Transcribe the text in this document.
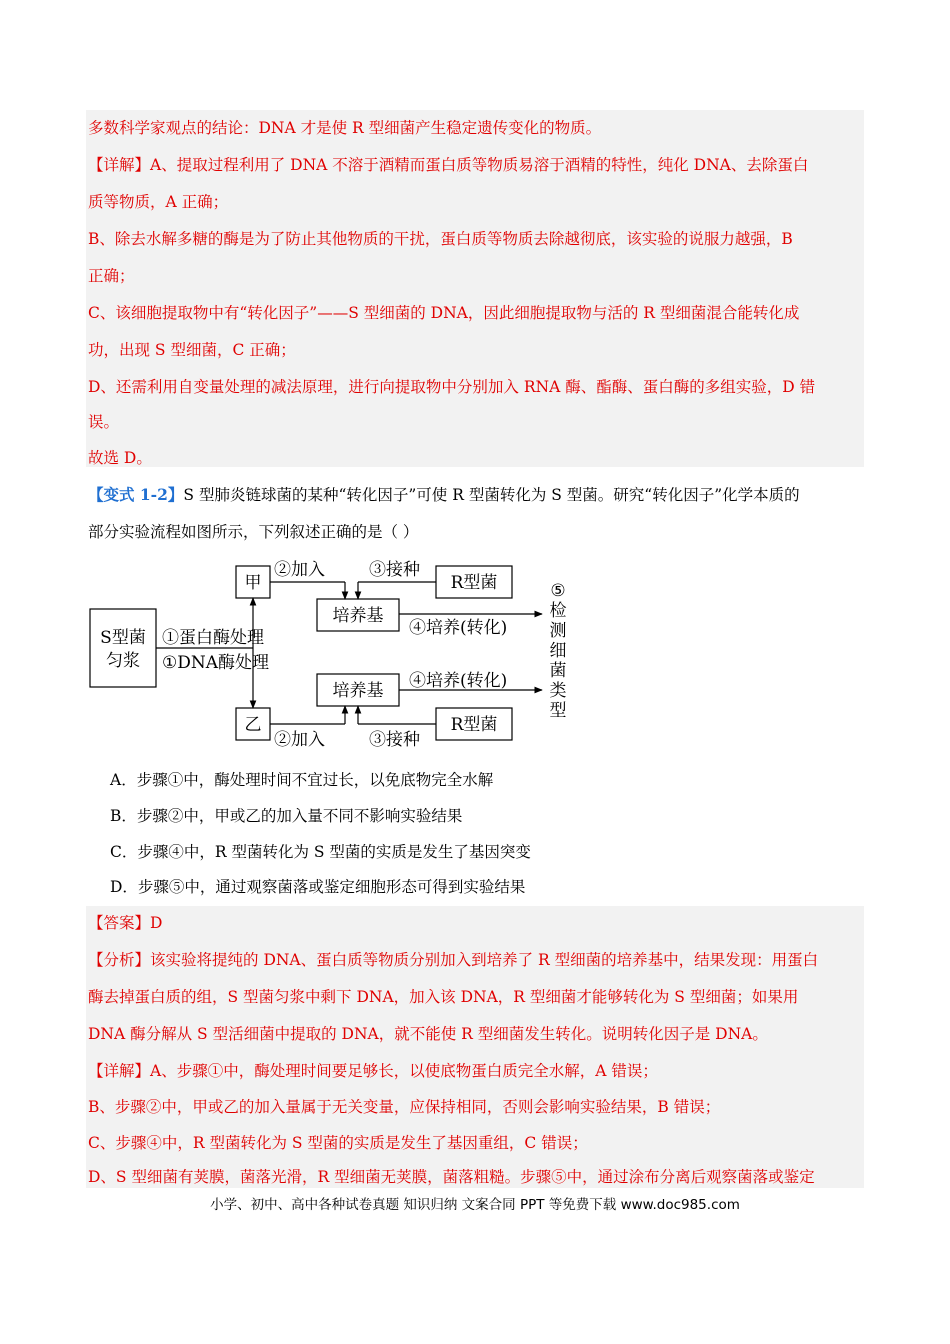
多数科学家观点的结论：DNA 才是使 R 型细菌产生稳定遗传变化的物质。
【详解】A、提取过程利用了 DNA 不溶于酒精而蛋白质等物质易溶于酒精的特性，纯化 DNA、去除蛋白
质等物质，A 正确；
B、除去水解多糖的酶是为了防止其他物质的干扰，蛋白质等物质去除越彻底，该实验的说服力越强，B
正确；
C、该细胞提取物中有“转化因子”——S 型细菌的 DNA，因此细胞提取物与活的 R 型细菌混合能转化成
功，出现 S 型细菌，C 正确；
D、还需利用自变量处理的减法原理，进行向提取物中分别加入 RNA 酶、酯酶、蛋白酶的多组实验，D 错
误。
故选 D。
【变式 1-2】S 型肺炎链球菌的某种“转化因子”可使 R 型菌转化为 S 型菌。研究“转化因子”化学本质的
部分实验流程如图所示，下列叙述正确的是（ ）
S型菌
匀浆
①蛋白酶处理
①DNA酶处理
甲
乙
②加入
②加入
③接种
③接种
R型菌
R型菌
培养基
培养基
④培养(转化)
④培养(转化)
⑤
检
测
细
菌
类
型
A．步骤①中，酶处理时间不宜过长，以免底物完全水解
B．步骤②中，甲或乙的加入量不同不影响实验结果
C．步骤④中，R 型菌转化为 S 型菌的实质是发生了基因突变
D．步骤⑤中，通过观察菌落或鉴定细胞形态可得到实验结果
【答案】D
【分析】该实验将提纯的 DNA、蛋白质等物质分别加入到培养了 R 型细菌的培养基中，结果发现：用蛋白
酶去掉蛋白质的组，S 型菌匀浆中剩下 DNA，加入该 DNA，R 型细菌才能够转化为 S 型细菌；如果用
DNA 酶分解从 S 型活细菌中提取的 DNA，就不能使 R 型细菌发生转化。说明转化因子是 DNA。
【详解】A、步骤①中，酶处理时间要足够长，以使底物蛋白质完全水解，A 错误；
B、步骤②中，甲或乙的加入量属于无关变量，应保持相同，否则会影响实验结果，B 错误；
C、步骤④中，R 型菌转化为 S 型菌的实质是发生了基因重组，C 错误；
D、S 型细菌有荚膜，菌落光滑，R 型细菌无荚膜，菌落粗糙。步骤⑤中，通过涂布分离后观察菌落或鉴定
小学、初中、高中各种试卷真题 知识归纳 文案合同 PPT 等免费下载 www.doc985.com
